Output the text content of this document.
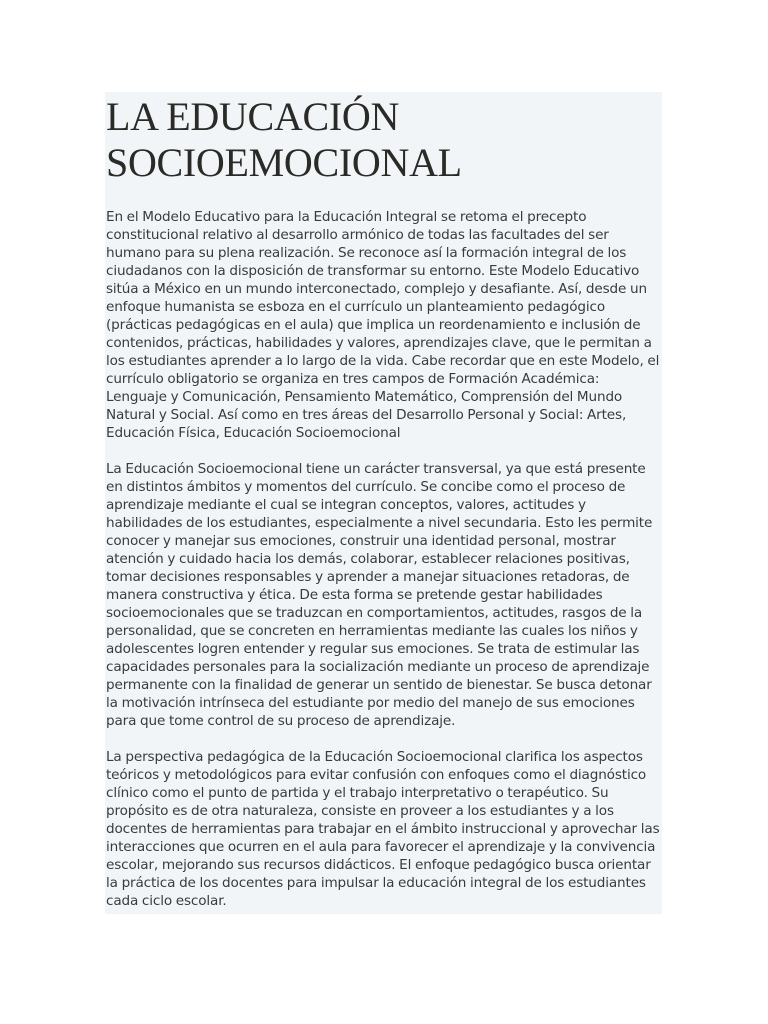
LA EDUCACIÓN SOCIOEMOCIONAL

En el Modelo Educativo para la Educación Integral se retoma el precepto constitucional relativo al desarrollo armónico de todas las facultades del ser humano para su plena realización. Se reconoce así la formación integral de los ciudadanos con la disposición de transformar su entorno. Este Modelo Educativo sitúa a México en un mundo interconectado, complejo y desafiante. Así, desde un enfoque humanista se esboza en el currículo un planteamiento pedagógico (prácticas pedagógicas en el aula) que implica un reordenamiento e inclusión de contenidos, prácticas, habilidades y valores, aprendizajes clave, que le permitan a los estudiantes aprender a lo largo de la vida. Cabe recordar que en este Modelo, el currículo obligatorio se organiza en tres campos de Formación Académica: Lenguaje y Comunicación, Pensamiento Matemático, Comprensión del Mundo Natural y Social. Así como en tres áreas del Desarrollo Personal y Social: Artes, Educación Física, Educación Socioemocional

La Educación Socioemocional tiene un carácter transversal, ya que está presente en distintos ámbitos y momentos del currículo. Se concibe como el proceso de aprendizaje mediante el cual se integran conceptos, valores, actitudes y habilidades de los estudiantes, especialmente a nivel secundaria. Esto les permite conocer y manejar sus emociones, construir una identidad personal, mostrar atención y cuidado hacia los demás, colaborar, establecer relaciones positivas, tomar decisiones responsables y aprender a manejar situaciones retadoras, de manera constructiva y ética. De esta forma se pretende gestar habilidades socioemocionales que se traduzcan en comportamientos, actitudes, rasgos de la personalidad, que se concreten en herramientas mediante las cuales los niños y adolescentes logren entender y regular sus emociones. Se trata de estimular las capacidades personales para la socialización mediante un proceso de aprendizaje permanente con la finalidad de generar un sentido de bienestar. Se busca detonar la motivación intrínseca del estudiante por medio del manejo de sus emociones para que tome control de su proceso de aprendizaje.

La perspectiva pedagógica de la Educación Socioemocional clarifica los aspectos teóricos y metodológicos para evitar confusión con enfoques como el diagnóstico clínico como el punto de partida y el trabajo interpretativo o terapéutico. Su propósito es de otra naturaleza, consiste en proveer a los estudiantes y a los docentes de herramientas para trabajar en el ámbito instruccional y aprovechar las interacciones que ocurren en el aula para favorecer el aprendizaje y la convivencia escolar, mejorando sus recursos didácticos. El enfoque pedagógico busca orientar la práctica de los docentes para impulsar la educación integral de los estudiantes cada ciclo escolar.
